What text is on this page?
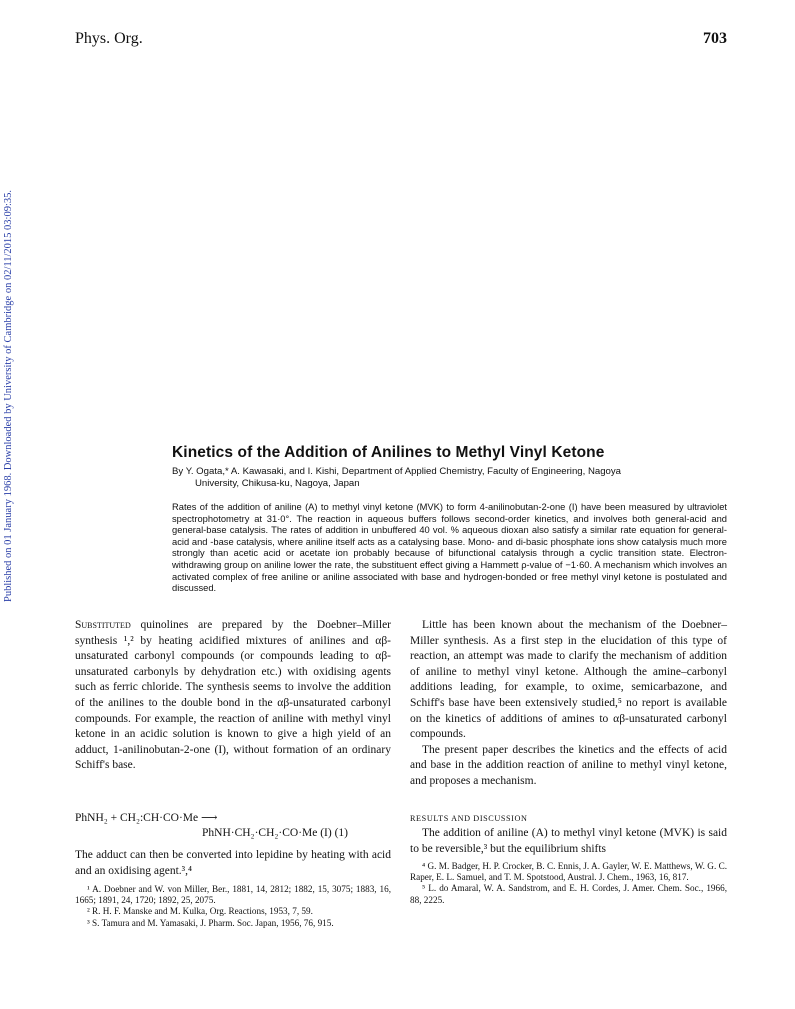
Phys. Org.	703
Published on 01 January 1968. Downloaded by University of Cambridge on 02/11/2015 03:09:35.	Kinetics of the Addition of Anilines to Methyl Vinyl Ketone
By Y. Ogata,* A. Kawasaki, and I. Kishi, Department of Applied Chemistry, Faculty of Engineering, Nagoya
University, Chikusa-ku, Nagoya, Japan
Rates of the addition of aniline (A) to methyl vinyl ketone (MVK) to form 4-anilinobutan-2-one (I) have been measured by ultraviolet spectrophotometry at 31·0°. The reaction in aqueous buffers follows second-order kinetics, and involves both general-acid and general-base catalysis. The rates of addition in unbuffered 40 vol. % aqueous dioxan also satisfy a similar rate equation for general-acid and -base catalysis, where aniline itself acts as a catalysing base. Mono- and di-basic phosphate ions show catalysis much more strongly than acetic acid or acetate ion probably because of bifunctional catalysis through a cyclic transition state. Electron-withdrawing group on aniline lower the rate, the substituent effect giving a Hammett ρ-value of −1·60. A mechanism which involves an activated complex of free aniline or aniline associated with base and hydrogen-bonded or free methyl vinyl ketone is postulated and discussed.

Substituted quinolines are prepared by the Doebner–Miller synthesis ¹,² by heating acidified mixtures of anilines and αβ-unsaturated carbonyl compounds (or compounds leading to αβ-unsaturated carbonyls by dehydration etc.) with oxidising agents such as ferric chloride. The synthesis seems to involve the addition of the anilines to the double bond in the αβ-unsaturated carbonyl compounds. For example, the reaction of aniline with methyl vinyl ketone in an acidic solution is known to give a high yield of an adduct, 1-anilinobutan-2-one (I), without formation of an ordinary Schiff's base.

PhNH₂ + CH₂:CH·CO·Me ⟶
PhNH·CH₂·CH₂·CO·Me (I) (1)

The adduct can then be converted into lepidine by heating with acid and an oxidising agent.³,⁴

¹ A. Doebner and W. von Miller, Ber., 1881, 14, 2812; 1882, 15, 3075; 1883, 16, 1665; 1891, 24, 1720; 1892, 25, 2075.

² R. H. F. Manske and M. Kulka, Org. Reactions, 1953, 7, 59.

³ S. Tamura and M. Yamasaki, J. Pharm. Soc. Japan, 1956, 76, 915.

Little has been known about the mechanism of the Doebner–Miller synthesis. As a first step in the elucidation of this type of reaction, an attempt was made to clarify the mechanism of addition of aniline to methyl vinyl ketone. Although the amine–carbonyl additions leading, for example, to oxime, semicarbazone, and Schiff's base have been extensively studied,⁵ no report is available on the kinetics of additions of amines to αβ-unsaturated carbonyl compounds.

The present paper describes the kinetics and the effects of acid and base in the addition reaction of aniline to methyl vinyl ketone, and proposes a mechanism.

RESULTS AND DISCUSSION

The addition of aniline (A) to methyl vinyl ketone (MVK) is said to be reversible,³ but the equilibrium shifts

⁴ G. M. Badger, H. P. Crocker, B. C. Ennis, J. A. Gayler, W. E. Matthews, W. G. C. Raper, E. L. Samuel, and T. M. Spotstood, Austral. J. Chem., 1963, 16, 817.

⁵ L. do Amaral, W. A. Sandstrom, and E. H. Cordes, J. Amer. Chem. Soc., 1966, 88, 2225.
